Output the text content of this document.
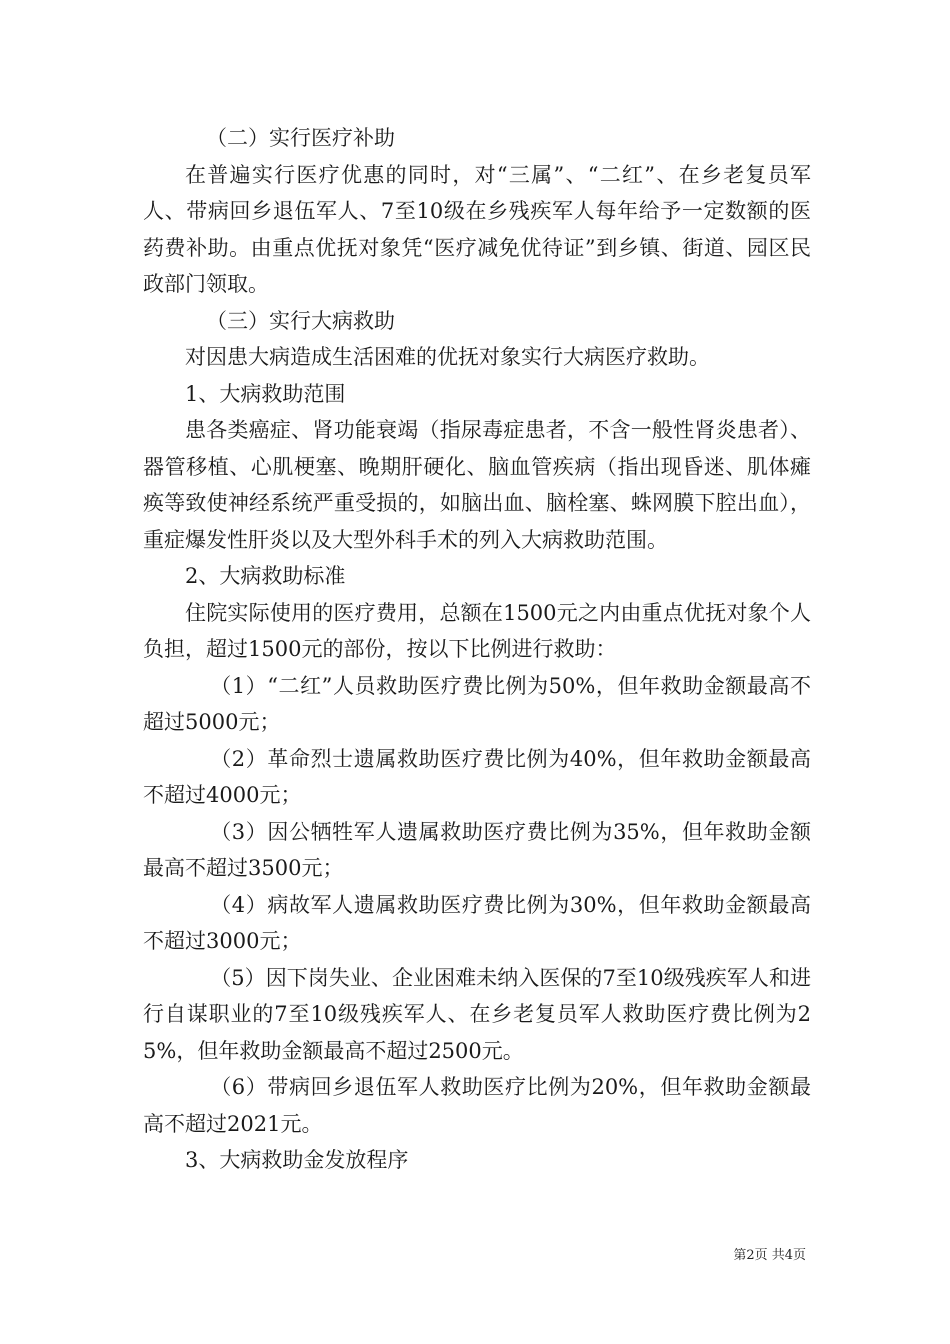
（二）实行医疗补助

在普遍实行医疗优惠的同时，对“三属”、“二红”、在乡老复员军人、带病回乡退伍军人、7至10级在乡残疾军人每年给予一定数额的医药费补助。由重点优抚对象凭“医疗减免优待证”到乡镇、街道、园区民政部门领取。

（三）实行大病救助

对因患大病造成生活困难的优抚对象实行大病医疗救助。

1、大病救助范围

患各类癌症、肾功能衰竭（指尿毒症患者，不含一般性肾炎患者）、器管移植、心肌梗塞、晚期肝硬化、脑血管疾病（指出现昏迷、肌体瘫痪等致使神经系统严重受损的，如脑出血、脑栓塞、蛛网膜下腔出血），重症爆发性肝炎以及大型外科手术的列入大病救助范围。

2、大病救助标准

住院实际使用的医疗费用，总额在1500元之内由重点优抚对象个人负担，超过1500元的部份，按以下比例进行救助：

（1）“二红”人员救助医疗费比例为50%，但年救助金额最高不超过5000元；

（2）革命烈士遗属救助医疗费比例为40%，但年救助金额最高不超过4000元；

（3）因公牺牲军人遗属救助医疗费比例为35%，但年救助金额最高不超过3500元；

（4）病故军人遗属救助医疗费比例为30%，但年救助金额最高不超过3000元；

（5）因下岗失业、企业困难未纳入医保的7至10级残疾军人和进行自谋职业的7至10级残疾军人、在乡老复员军人救助医疗费比例为25%，但年救助金额最高不超过2500元。

（6）带病回乡退伍军人救助医疗比例为20%，但年救助金额最高不超过2021元。

3、大病救助金发放程序

第2页 共4页
